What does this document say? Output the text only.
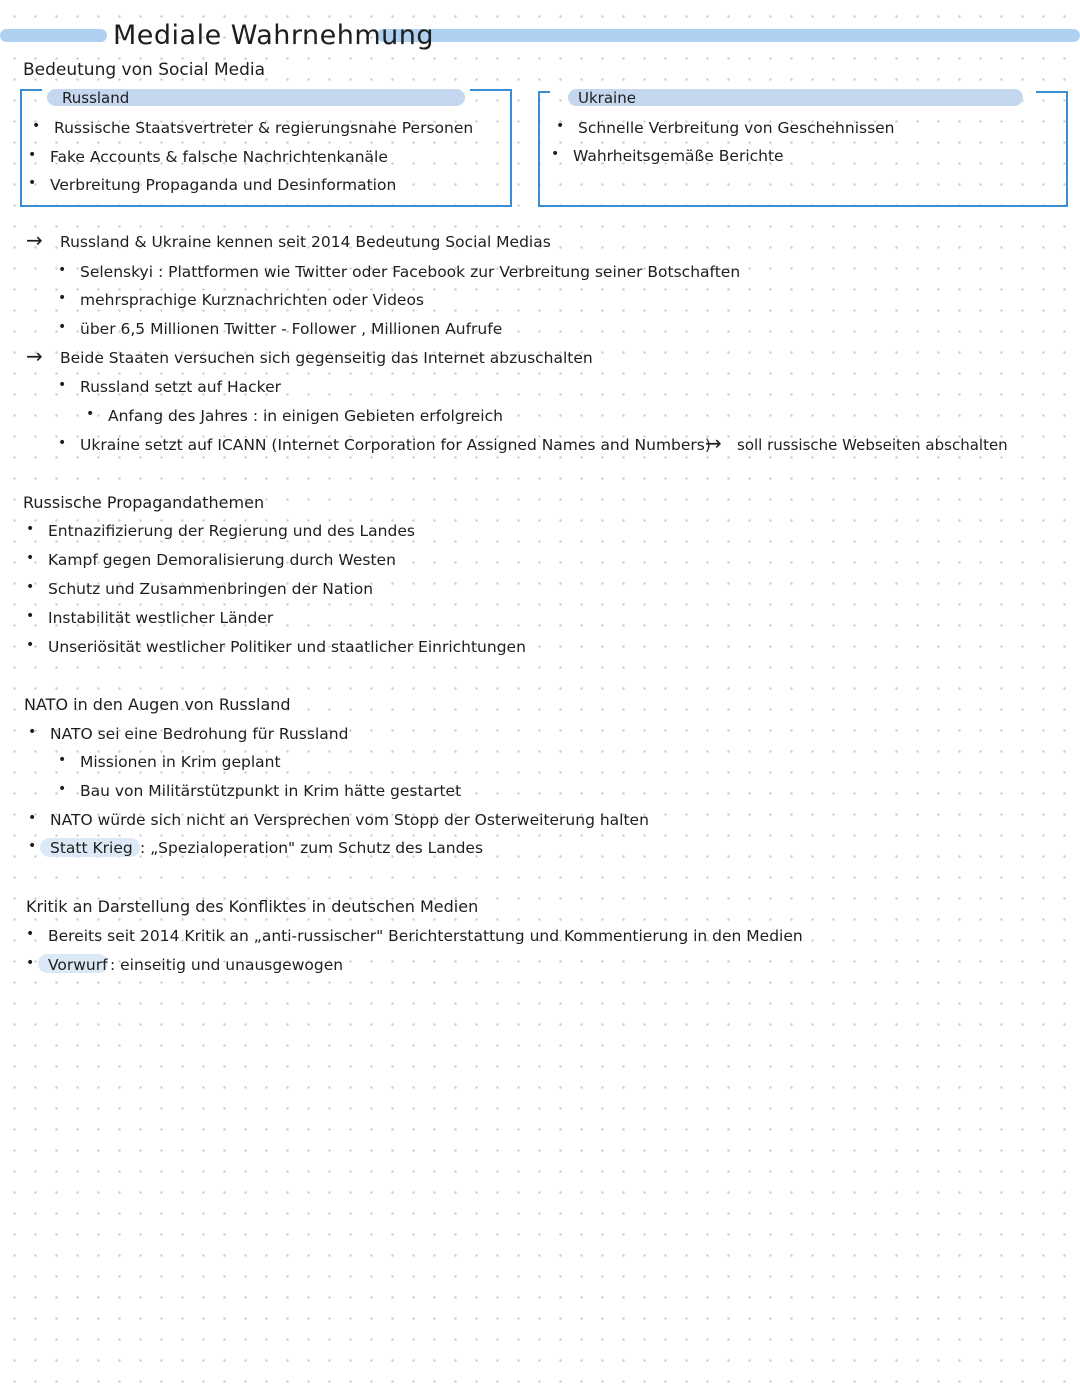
Mediale Wahrnehmung
Bedeutung von Social Media
Russland
• Russische Staatsvertreter & regierungsnahe Personen
• Fake Accounts & falsche Nachrichtenkanäle
• Verbreitung Propaganda und Desinformation
Ukraine
• Schnelle Verbreitung von Geschehnissen
• Wahrheitsgemäße Berichte
→ Russland & Ukraine kennen seit 2014 Bedeutung Social Medias
• Selenskyi : Plattformen wie Twitter oder Facebook zur Verbreitung seiner Botschaften
• mehrsprachige Kurznachrichten oder Videos
• über 6,5 Millionen Twitter - Follower , Millionen Aufrufe
→ Beide Staaten versuchen sich gegenseitig das Internet abzuschalten
• Russland setzt auf Hacker
• Anfang des Jahres : in einigen Gebieten erfolgreich
• Ukraine setzt auf ICANN (Internet Corporation for Assigned Names and Numbers)
→ soll russische Webseiten abschalten
Russische Propagandathemen
• Entnazifizierung der Regierung und des Landes
• Kampf gegen Demoralisierung durch Westen
• Schutz und Zusammenbringen der Nation
• Instabilität westlicher Länder
• Unseriösität westlicher Politiker und staatlicher Einrichtungen
NATO in den Augen von Russland
• NATO sei eine Bedrohung für Russland
• Missionen in Krim geplant
• Bau von Militärstützpunkt in Krim hätte gestartet
• NATO würde sich nicht an Versprechen vom Stopp der Osterweiterung halten
• Statt Krieg : „Spezialoperation" zum Schutz des Landes
Kritik an Darstellung des Konfliktes in deutschen Medien
• Bereits seit 2014 Kritik an „anti-russischer" Berichterstattung und Kommentierung in den Medien
• Vorwurf : einseitig und unausgewogen
